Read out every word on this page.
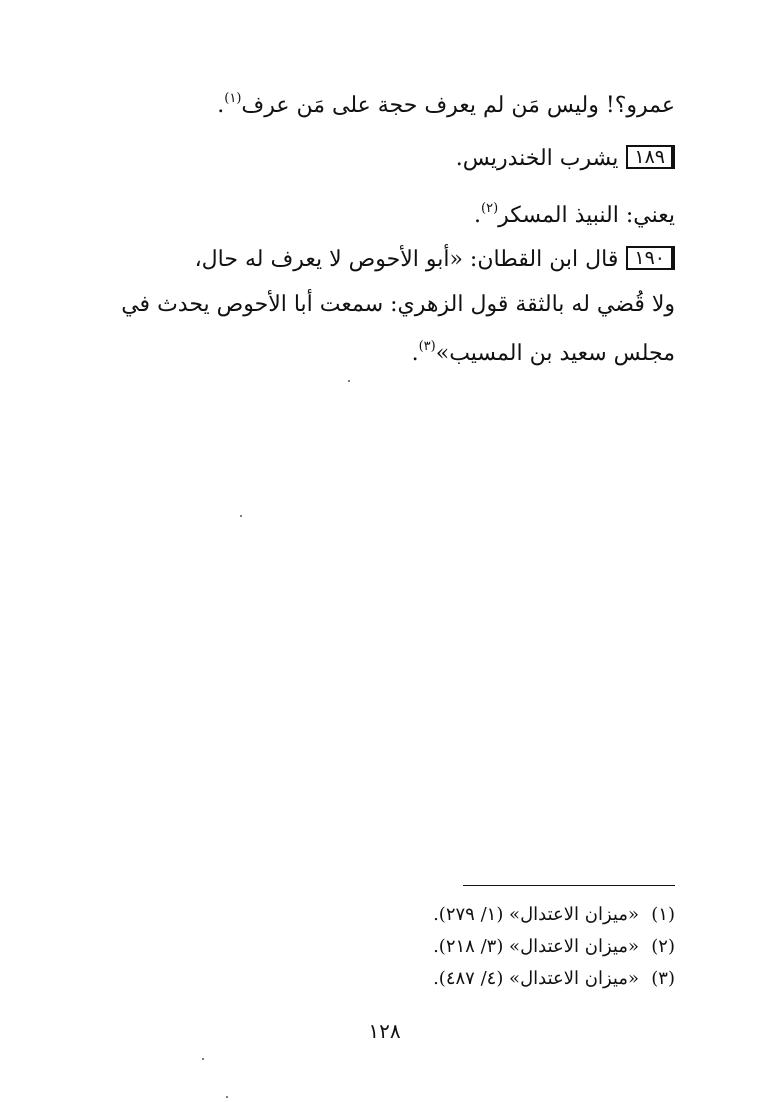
عمرو؟! وليس مَن لم يعرف حجة على مَن عرف$^{(١)}$.
١٨٩يشرب الخندريس.
يعني: النبيذ المسكر$^{(٢)}$.
١٩٠قال ابن القطان: «أبو الأحوص لا يعرف له حال،
ولا قُضي له بالثقة قول الزهري: سمعت أبا الأحوص يحدث في
مجلس سعيد بن المسيب»$^{(٣)}$.
(١)«ميزان الاعتدال» (١/ ٢٧٩).
(٢)«ميزان الاعتدال» (٣/ ٢١٨).
(٣)«ميزان الاعتدال» (٤/ ٤٨٧).
١٢٨
